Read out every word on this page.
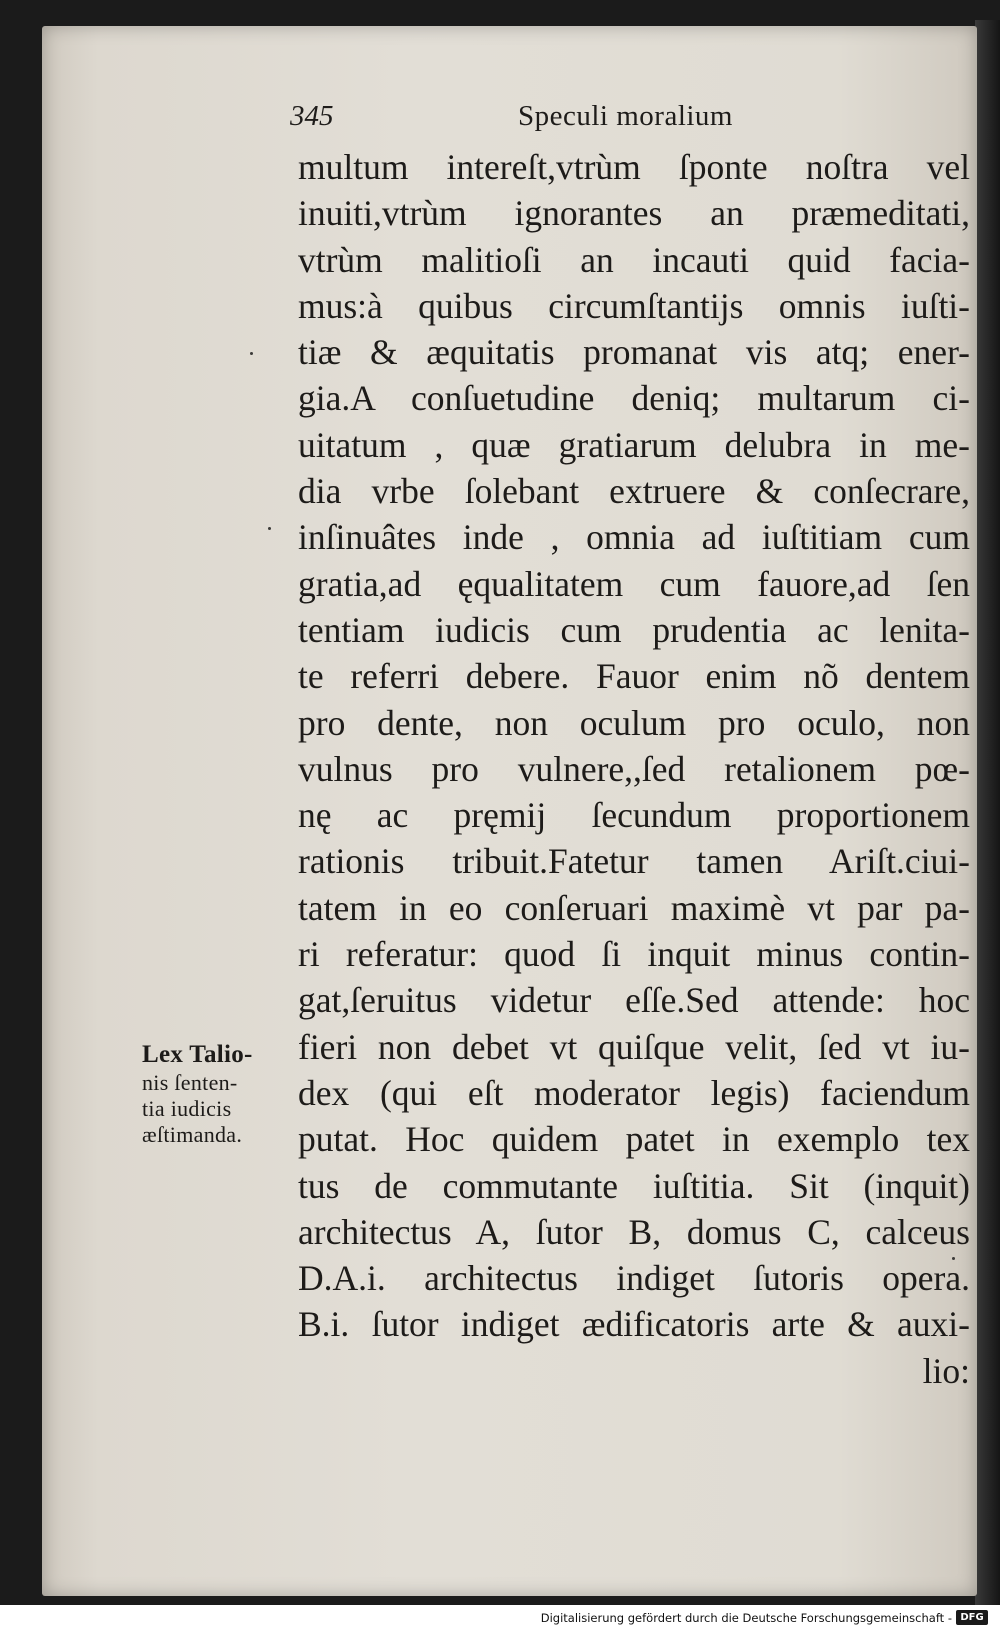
345	Speculi moralium
multum intereſt,vtrùm ſponte noſtra vel
inuiti,vtrùm ignorantes an præmeditati,
vtrùm malitioſi an incauti quid facia-
mus:à quibus circumſtantijs omnis iuſti-
tiæ & æquitatis promanat vis atq; ener-
gia.A conſuetudine deniq; multarum ci-
uitatum , quæ gratiarum delubra in me-
dia vrbe ſolebant extruere & conſecrare,
inſinuâtes inde , omnia ad iuſtitiam cum
gratia,ad ęqualitatem cum fauore,ad ſen
tentiam iudicis cum prudentia ac lenita-
te referri debere. Fauor enim nõ dentem
pro dente, non oculum pro oculo, non
vulnus pro vulnere,,ſed retalionem pœ-
nę ac pręmij ſecundum proportionem
rationis tribuit.Fatetur tamen Ariſt.ciui-
tatem in eo conſeruari maximè vt par pa-
ri referatur: quod ſi inquit minus contin-
gat,ſeruitus videtur eſſe.Sed attende: hoc
fieri non debet vt quiſque velit, ſed vt iu-
dex (qui eſt moderator legis) faciendum
putat. Hoc quidem patet in exemplo tex
tus de commutante iuſtitia. Sit (inquit)
architectus A, ſutor B, domus C, calceus
D.A.i. architectus indiget ſutoris opera.
B.i. ſutor indiget ædificatoris arte & auxi-
lio:
Lex Talio-
nis ſenten-
tia iudicis
æſtimanda.
Digitalisierung gefördert durch die Deutsche Forschungsgemeinschaft - DFG
